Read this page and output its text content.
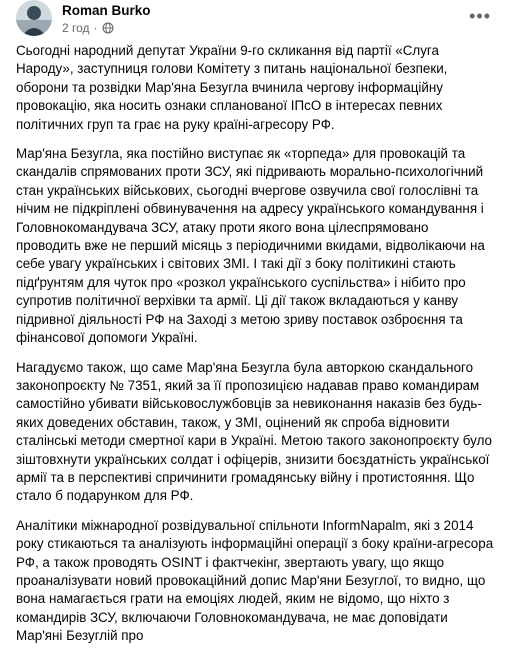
Roman Burko
2 год ·
•••

Сьогодні народний депутат України 9-го скликання від партії «Слуга Народу», заступниця голови Комітету з питань національної безпеки, оборони та розвідки Мар'яна Безугла вчинила чергову інформаційну провокацію, яка носить ознаки спланованої ІПсО в інтересах певних політичних груп та грає на руку країні-агресору РФ.

Мар'яна Безугла, яка постійно виступає як «торпеда» для провокацій та скандалів спрямованих проти ЗСУ, які підривають морально-психологічний стан українських військових, сьогодні вчергове озвучила свої голослівні та нічим не підкріплені обвинувачення на адресу українського командування і Головнокомандувача ЗСУ, атаку проти якого вона цілеспрямовано проводить вже не перший місяць з періодичними вкидами, відволікаючи на себе увагу українських і світових ЗМІ. І такі дії з боку політикині стають підґрунтям для чуток про «розкол українського суспільства» і нібито про супротив політичної верхівки та армії. Ці дії також вкладаються у канву підривної діяльності РФ на Заході з метою зриву поставок озброєння та фінансової допомоги Україні.

Нагадуємо також, що саме Мар'яна Безугла була авторкою скандального законопроєкту № 7351, який за її пропозицією надавав право командирам самостійно убивати військовослужбовців за невиконання наказів без будь-яких доведених обставин, також, у ЗМІ, оцінений як спроба відновити сталінські методи смертної кари в Україні. Метою такого законопроєкту було зіштовхнути українських солдат і офіцерів, знизити боєздатність української армії та в перспективі спричинити громадянську війну і протистояння. Що стало б подарунком для РФ.

Аналітики міжнародної розвідувальної спільноти InformNapalm, які з 2014 року стикаються та аналізують інформаційні операції з боку країни-агресора РФ, а також проводять OSINT і фактчекінг, звертають увагу, що якщо проаналізувати новий провокаційний допис Мар'яни Безуглої, то видно, що вона намагається грати на емоціях людей, яким не відомо, що ніхто з командирів ЗСУ, включаючи Головнокомандувача, не має доповідати Мар'яні Безуглій про
